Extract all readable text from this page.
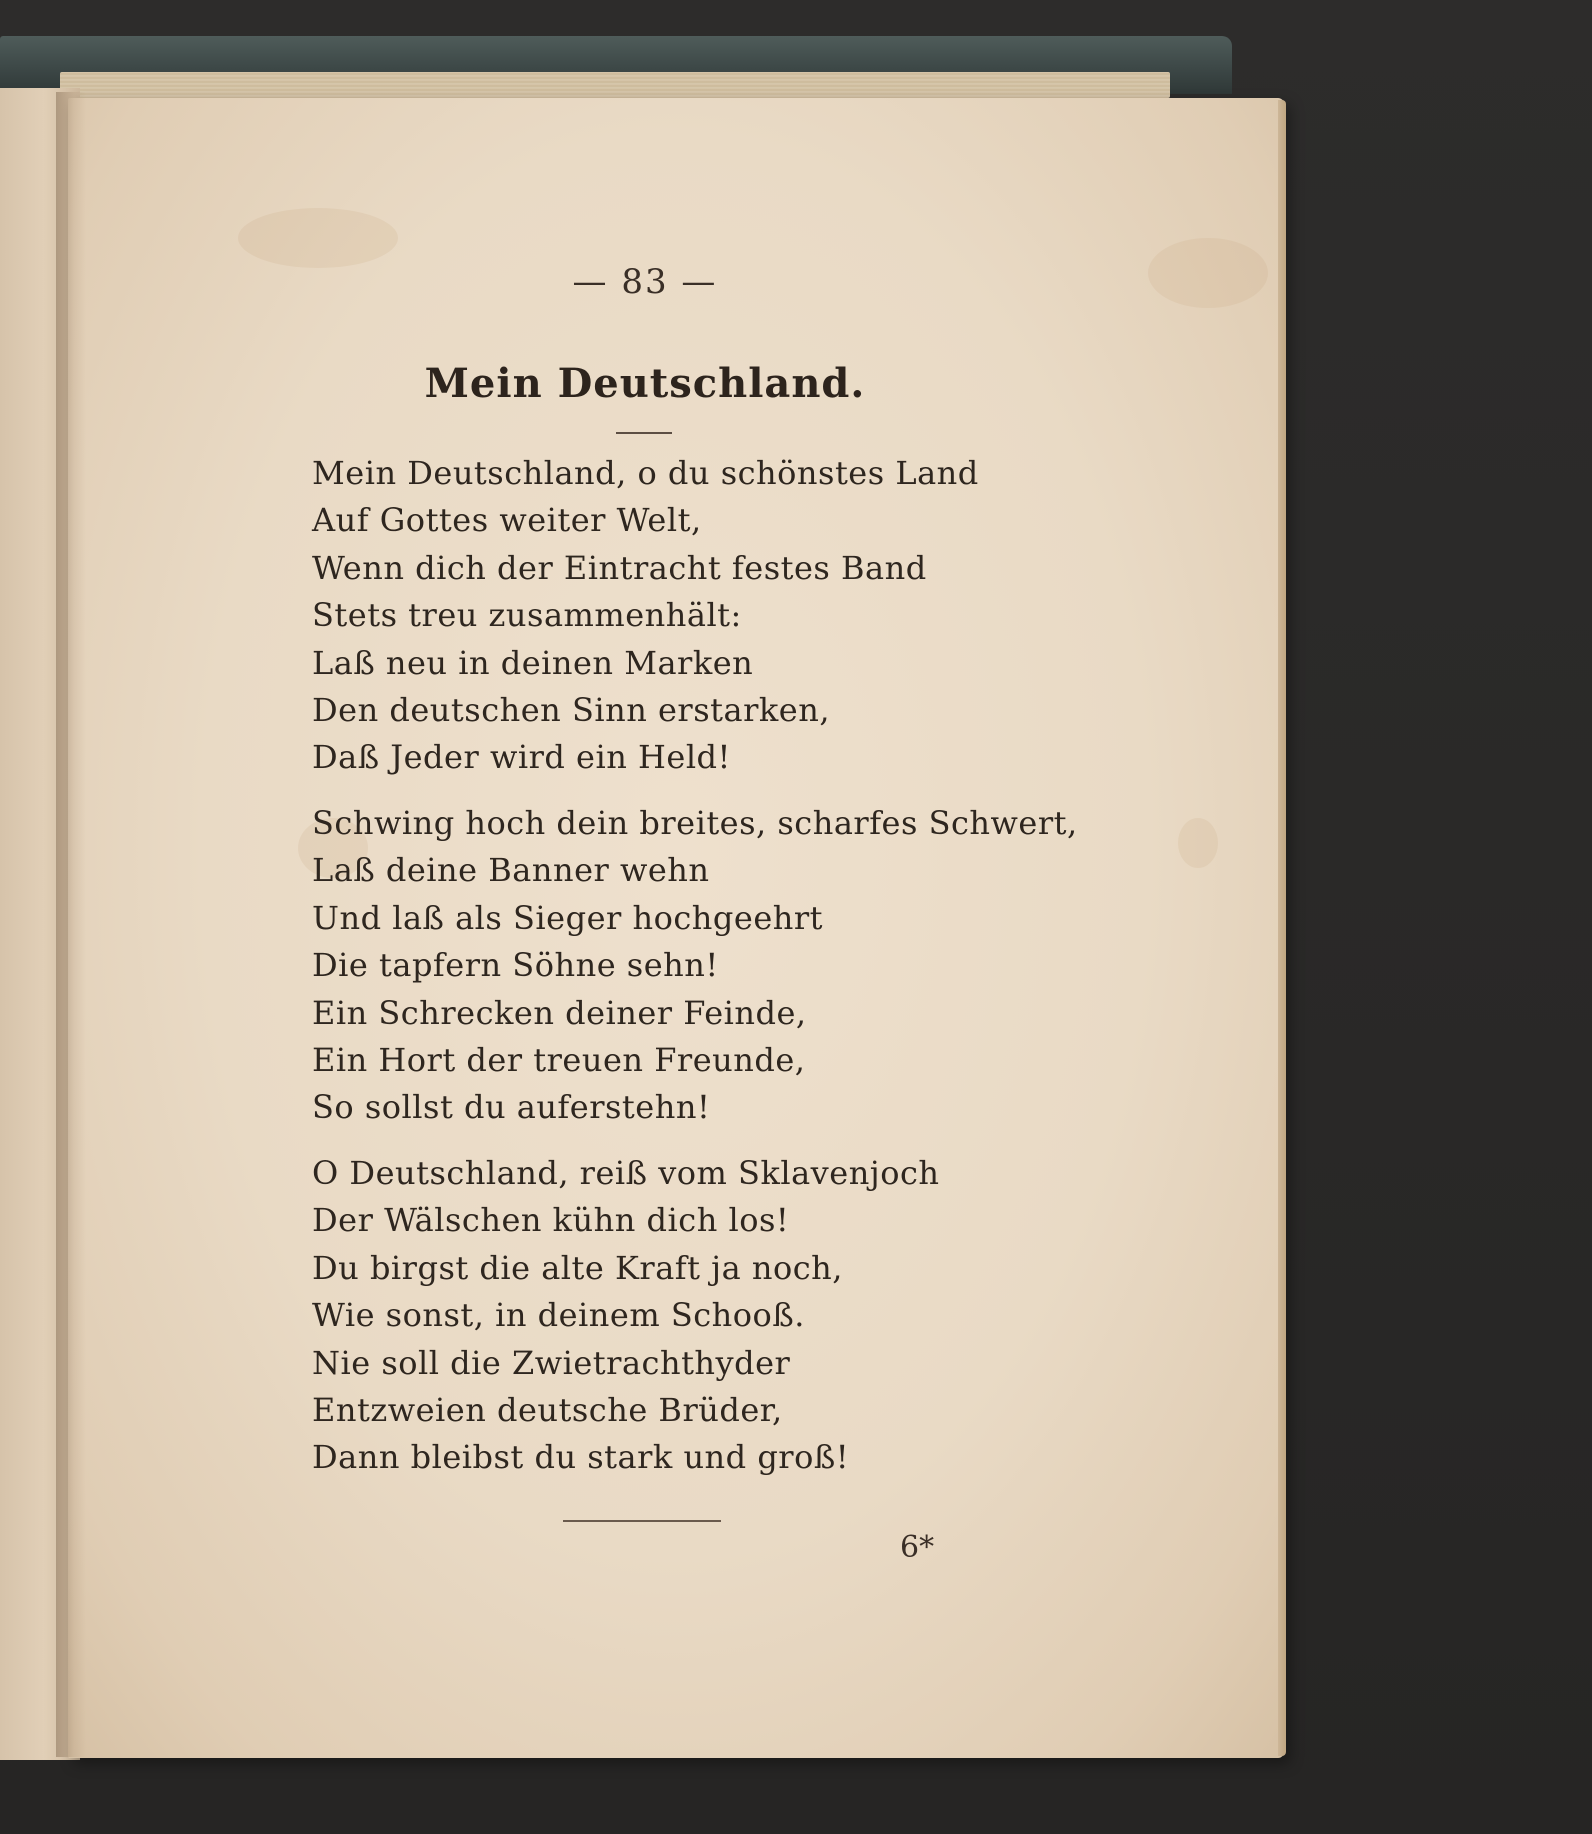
— 83 —
Mein Deutschland.
Mein Deutschland, o du schönstes Land
Auf Gottes weiter Welt,
Wenn dich der Eintracht festes Band
Stets treu zusammenhält:
Laß neu in deinen Marken
Den deutschen Sinn erstarken,
Daß Jeder wird ein Held!
Schwing hoch dein breites, scharfes Schwert,
Laß deine Banner wehn
Und laß als Sieger hochgeehrt
Die tapfern Söhne sehn!
Ein Schrecken deiner Feinde,
Ein Hort der treuen Freunde,
So sollst du auferstehn!
O Deutschland, reiß vom Sklavenjoch
Der Wälschen kühn dich los!
Du birgst die alte Kraft ja noch,
Wie sonst, in deinem Schooß.
Nie soll die Zwietrachthyder
Entzweien deutsche Brüder,
Dann bleibst du stark und groß!
6*
